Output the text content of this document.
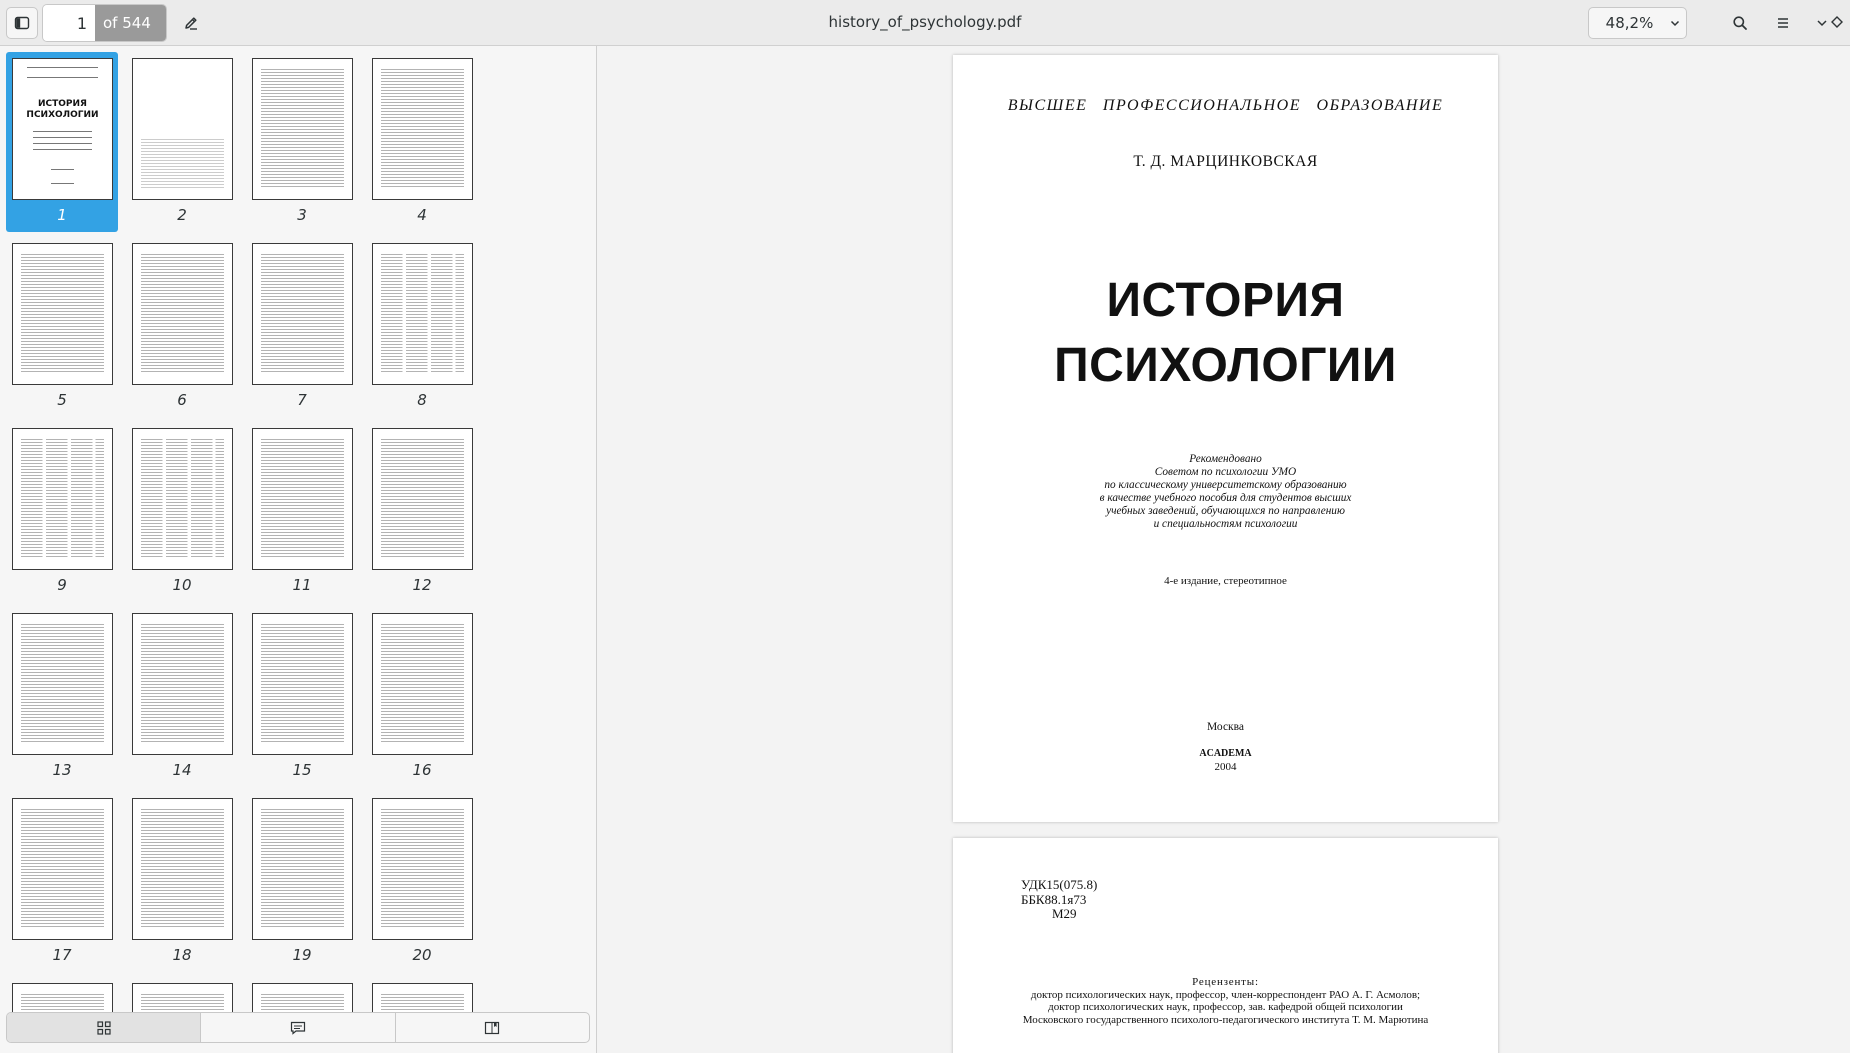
1
of 544	history_of_psychology.pdf	48,2%
ИСТОРИЯ
ПСИХОЛОГИИ
1	2	3	4
5	6	7	8
9	10	11	12
13	14	15	16
17	18	19	20
ВЫСШЕЕ ПРОФЕССИОНАЛЬНОЕ ОБРАЗОВАНИЕ
Т. Д. МАРЦИНКОВСКАЯ
ИСТОРИЯ
ПСИХОЛОГИИ
Рекомендовано
Советом по психологии УМО
по классическому университетскому образованию
в качестве учебного пособия для студентов высших
учебных заведений, обучающихся по направлению
и специальностям психологии
4-е издание, стереотипное
Москва
ACADEMA
2004
УДК15(075.8)
ББК88.1я73
М29
Рецензенты:
доктор психологических наук, профессор, член-корреспондент РАО А. Г. Асмолов;
доктор психологических наук, профессор, зав. кафедрой общей психологии
Московского государственного психолого-педагогического института Т. М. Марютина
